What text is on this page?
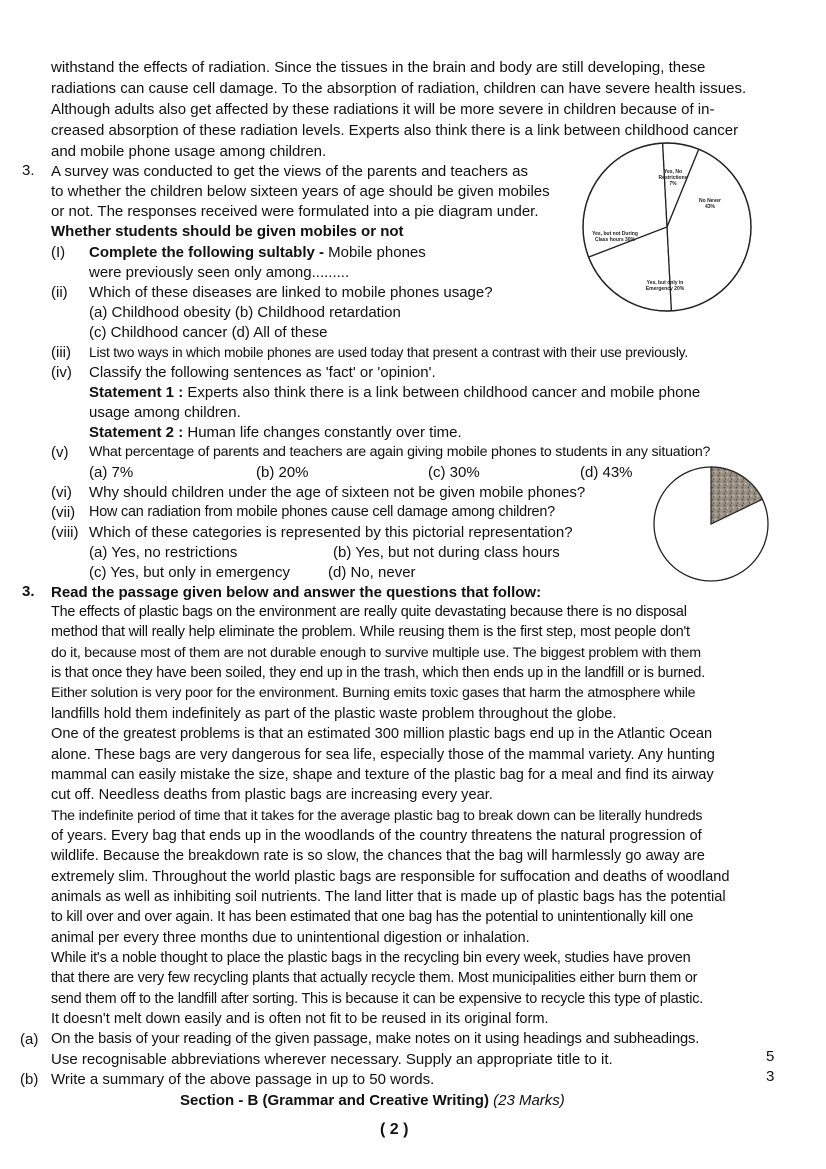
withstand the effects of radiation. Since the tissues in the brain and body are still developing, these
radiations can cause cell damage. To the absorption of radiation, children can have severe health issues.
Although adults also get affected by these radiations it will be more severe in children because of in-
creased absorption of these radiation levels. Experts also think there is a link between childhood cancer
and mobile phone usage among children.
3. A survey was conducted to get the views of the parents and teachers as
to whether the children below sixteen years of age should be given mobiles
or not. The responses received were formulated into a pie diagram under.
Whether students should be given mobiles or not
(I) Complete the following sultably - Mobile phones
were previously seen only among.........
(ii) Which of these diseases are linked to mobile phones usage?
(a) Childhood obesity (b) Childhood retardation
(c) Childhood cancer (d) All of these
(iii) List two ways in which mobile phones are used today that present a contrast with their use previously.
(iv) Classify the following sentences as 'fact' or 'opinion'.
Statement 1 : Experts also think there is a link between childhood cancer and mobile phone
usage among children.
Statement 2 : Human life changes constantly over time.
(v) What percentage of parents and teachers are again giving mobile phones to students in any situation?
(a) 7%	(b) 20%	(c) 30%	(d) 43%
(vi) Why should children under the age of sixteen not be given mobile phones?
(vii) How can radiation from mobile phones cause cell damage among children?
(viii) Which of these categories is represented by this pictorial representation?
(a) Yes, no restrictions	(b) Yes, but not during class hours
(c) Yes, but only in emergency	(d) No, never
Yes, No Restrictions 7%
No Never 43%
Yes, but only in Emergency 20%
Yes, but not During Class hours 30%
3. Read the passage given below and answer the questions that follow:
The effects of plastic bags on the environment are really quite devastating because there is no disposal
method that will really help eliminate the problem. While reusing them is the first step, most people don't
do it, because most of them are not durable enough to survive multiple use. The biggest problem with them
is that once they have been soiled, they end up in the trash, which then ends up in the landfill or is burned.
Either solution is very poor for the environment. Burning emits toxic gases that harm the atmosphere while
landfills hold them indefinitely as part of the plastic waste problem throughout the globe.
One of the greatest problems is that an estimated 300 million plastic bags end up in the Atlantic Ocean
alone. These bags are very dangerous for sea life, especially those of the mammal variety. Any hunting
mammal can easily mistake the size, shape and texture of the plastic bag for a meal and find its airway
cut off. Needless deaths from plastic bags are increasing every year.
The indefinite period of time that it takes for the average plastic bag to break down can be literally hundreds
of years. Every bag that ends up in the woodlands of the country threatens the natural progression of
wildlife. Because the breakdown rate is so slow, the chances that the bag will harmlessly go away are
extremely slim. Throughout the world plastic bags are responsible for suffocation and deaths of woodland
animals as well as inhibiting soil nutrients. The land litter that is made up of plastic bags has the potential
to kill over and over again. It has been estimated that one bag has the potential to unintentionally kill one
animal per every three months due to unintentional digestion or inhalation.
While it's a noble thought to place the plastic bags in the recycling bin every week, studies have proven
that there are very few recycling plants that actually recycle them. Most municipalities either burn them or
send them off to the landfill after sorting. This is because it can be expensive to recycle this type of plastic.
It doesn't melt down easily and is often not fit to be reused in its original form.
(a) On the basis of your reading of the given passage, make notes on it using headings and subheadings.
Use recognisable abbreviations wherever necessary. Supply an appropriate title to it.	5
(b) Write a summary of the above passage in up to 50 words.	3
Section - B (Grammar and Creative Writing) (23 Marks)
( 2 )
